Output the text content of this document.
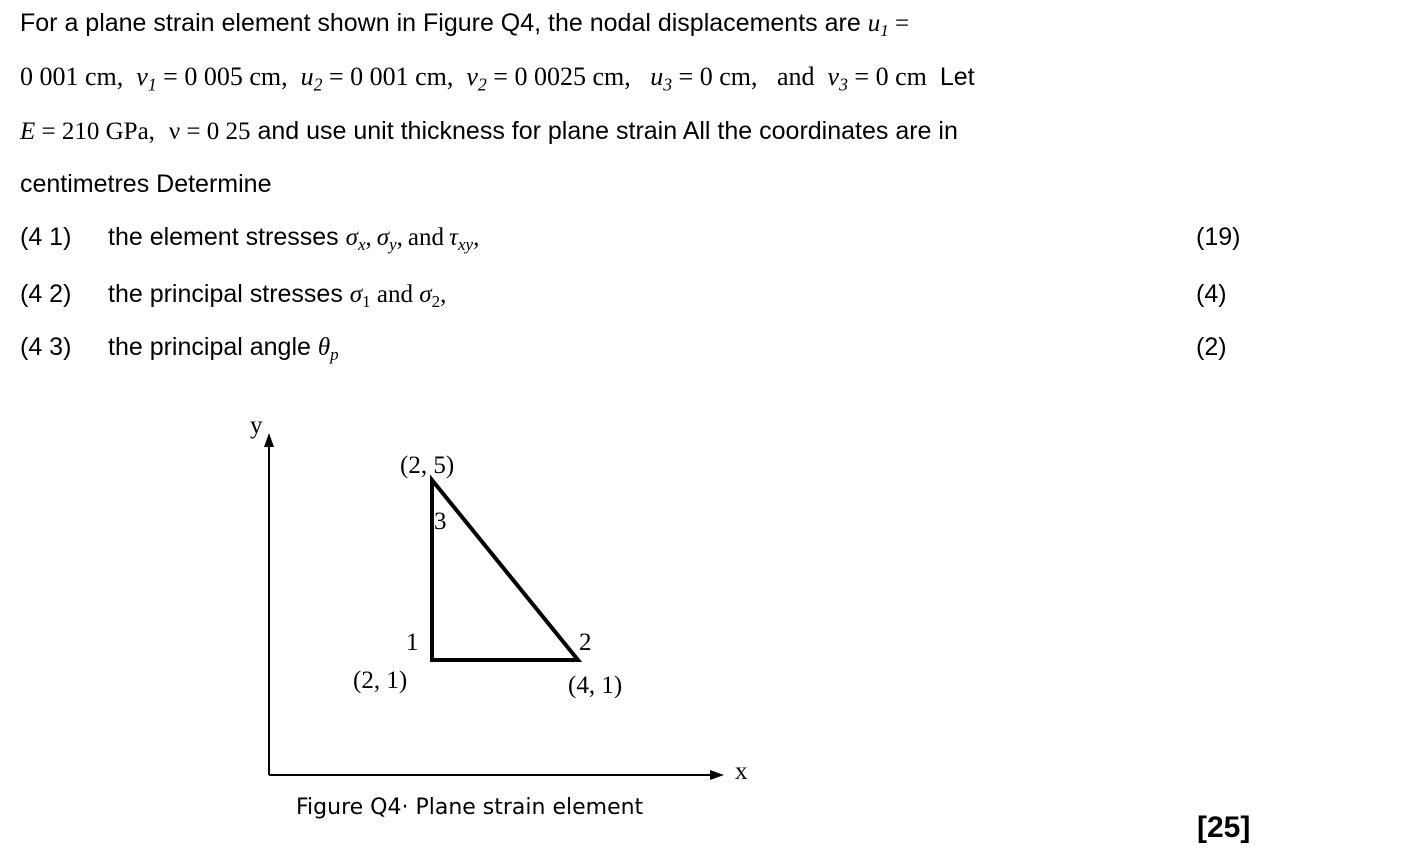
For a plane strain element shown in Figure Q4, the nodal displacements are $u_1$ =
0 001 cm, $v_1 = 0$ 005 cm, $u_2 = 0$ 001 cm, $v_2 = 0$ 0025 cm, $u_3 = 0$ cm, and $v_3 = 0$ cm Let
E = 210 GPa, ν = 0 25 and use unit thickness for plane strain All the coordinates are in
centimetres Determine
(4 1) the element stresses $\sigma_x$, $\sigma_y$, and $\tau_{xy}$,	(19)
(4 2) the principal stresses $\sigma_1$ and $\sigma_2$,	(4)
(4 3) the principal angle $\theta_p$	(2)
y
x
(2, 5)
3
1
(2, 1)
2
(4, 1)
Figure Q4· Plane strain element
[25]
